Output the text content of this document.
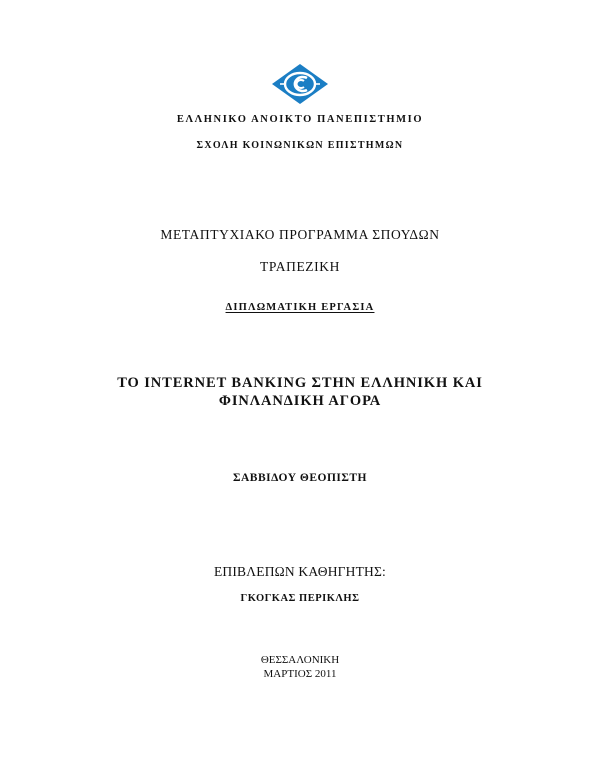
ΕΛΛΗΝΙΚΟ ΑΝΟΙΚΤΟ ΠΑΝΕΠΙΣΤΗΜΙΟ
ΣΧΟΛΗ ΚΟΙΝΩΝΙΚΩΝ ΕΠΙΣΤΗΜΩΝ
ΜΕΤΑΠΤΥΧΙΑΚΟ ΠΡΟΓΡΑΜΜΑ ΣΠΟΥΔΩΝ
ΤΡΑΠΕΖΙΚΗ
ΔΙΠΛΩΜΑΤΙΚΗ ΕΡΓΑΣΙΑ
ΤΟ INTERNET BANKING ΣΤΗΝ ΕΛΛΗΝΙΚΗ ΚΑΙ
ΦΙΝΛΑΝΔΙΚΗ ΑΓΟΡΑ
ΣΑΒΒΙΔΟΥ ΘΕΟΠΙΣΤΗ
ΕΠΙΒΛΕΠΩΝ ΚΑΘΗΓΗΤΗΣ:
ΓΚΟΓΚΑΣ ΠΕΡΙΚΛΗΣ
ΘΕΣΣΑΛΟΝΙΚΗ
ΜΑΡΤΙΟΣ 2011
